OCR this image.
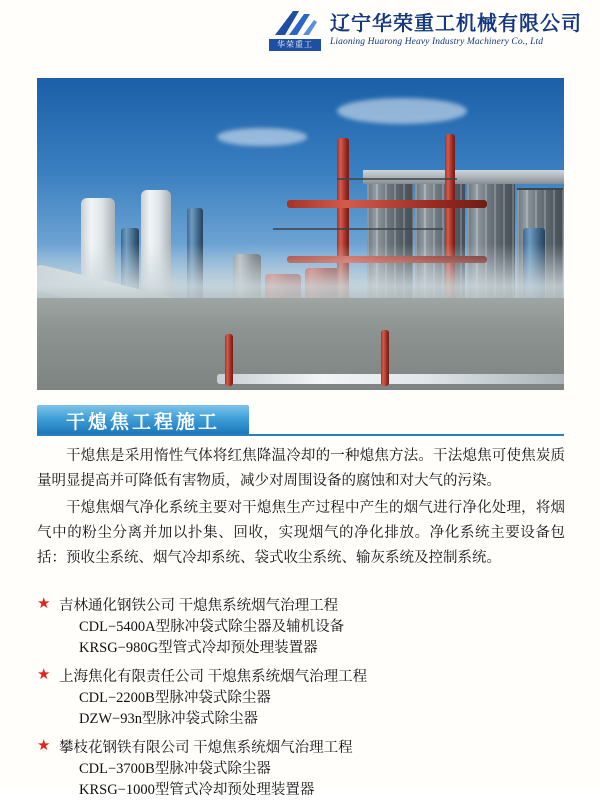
华荣重工
辽宁华荣重工机械有限公司
Liaoning Huarong Heavy Industry Machinery Co., Ltd
干熄焦工程施工

干熄焦是采用惰性气体将红焦降温冷却的一种熄焦方法。干法熄焦可使焦炭质量明显提高并可降低有害物质，减少对周围设备的腐蚀和对大气的污染。

干熄焦烟气净化系统主要对干熄焦生产过程中产生的烟气进行净化处理，将烟气中的粉尘分离并加以扑集、回收，实现烟气的净化排放。净化系统主要设备包括：预收尘系统、烟气冷却系统、袋式收尘系统、输灰系统及控制系统。

★ 吉林通化钢铁公司 干熄焦系统烟气治理工程
CDL−5400A型脉冲袋式除尘器及辅机设备
KRSG−980G型管式冷却预处理装置器
★ 上海焦化有限责任公司 干熄焦系统烟气治理工程
CDL−2200B型脉冲袋式除尘器
DZW−93n型脉冲袋式除尘器
★ 攀枝花钢铁有限公司 干熄焦系统烟气治理工程
CDL−3700B型脉冲袋式除尘器
KRSG−1000型管式冷却预处理装置器
